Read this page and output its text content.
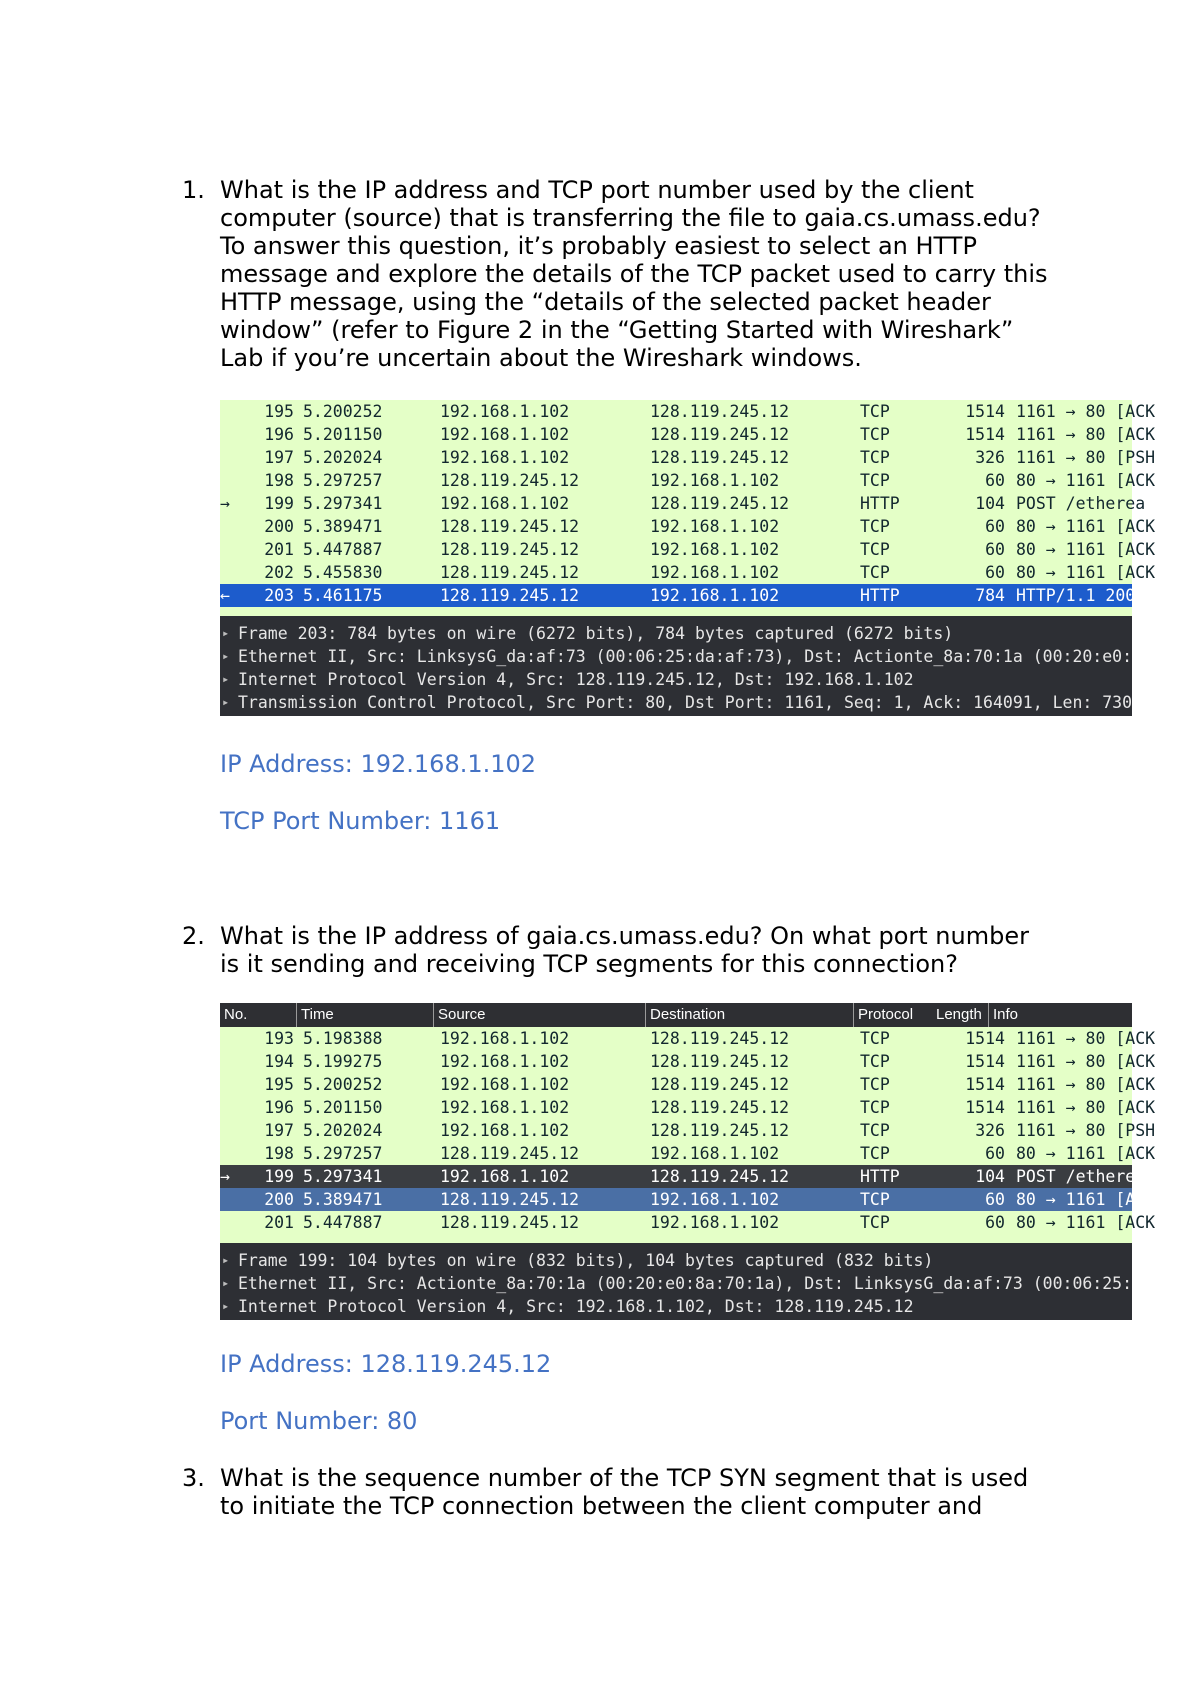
1. What is the IP address and TCP port number used by the client
computer (source) that is transferring the file to gaia.cs.umass.edu?
To answer this question, it’s probably easiest to select an HTTP
message and explore the details of the TCP packet used to carry this
HTTP message, using the “details of the selected packet header
window” (refer to Figure 2 in the “Getting Started with Wireshark”
Lab if you’re uncertain about the Wireshark windows.
195 5.200252	192.168.1.102	128.119.245.12	TCP	1514 1161 → 80 [ACK
196 5.201150	192.168.1.102	128.119.245.12	TCP	1514 1161 → 80 [ACK
197 5.202024	192.168.1.102	128.119.245.12	TCP	326 1161 → 80 [PSH
198 5.297257	128.119.245.12	192.168.1.102	TCP	60 80 → 1161 [ACK
→	199 5.297341	192.168.1.102	128.119.245.12	HTTP	104 POST /etherea
200 5.389471	128.119.245.12	192.168.1.102	TCP	60 80 → 1161 [ACK
201 5.447887	128.119.245.12	192.168.1.102	TCP	60 80 → 1161 [ACK
202 5.455830	128.119.245.12	192.168.1.102	TCP	60 80 → 1161 [ACK
←	203 5.461175	128.119.245.12	192.168.1.102	HTTP	784 HTTP/1.1 200 O
▸ Frame 203: 784 bytes on wire (6272 bits), 784 bytes captured (6272 bits)
▸ Ethernet II, Src: LinksysG_da:af:73 (00:06:25:da:af:73), Dst: Actionte_8a:70:1a (00:20:e0:
▸ Internet Protocol Version 4, Src: 128.119.245.12, Dst: 192.168.1.102
▸ Transmission Control Protocol, Src Port: 80, Dst Port: 1161, Seq: 1, Ack: 164091, Len: 730
IP Address: 192.168.1.102
TCP Port Number: 1161
2. What is the IP address of gaia.cs.umass.edu? On what port number
is it sending and receiving TCP segments for this connection?
No.	Time	Source	Destination	Protocol Length Info
193 5.198388	192.168.1.102	128.119.245.12	TCP	1514 1161 → 80 [ACK
194 5.199275	192.168.1.102	128.119.245.12	TCP	1514 1161 → 80 [ACK
195 5.200252	192.168.1.102	128.119.245.12	TCP	1514 1161 → 80 [ACK
196 5.201150	192.168.1.102	128.119.245.12	TCP	1514 1161 → 80 [ACK
197 5.202024	192.168.1.102	128.119.245.12	TCP	326 1161 → 80 [PSH
198 5.297257	128.119.245.12	192.168.1.102	TCP	60 80 → 1161 [ACK
→	199 5.297341	192.168.1.102	128.119.245.12	HTTP	104 POST /etherea
200 5.389471	128.119.245.12	192.168.1.102	TCP	60 80 → 1161 [ACK
201 5.447887	128.119.245.12	192.168.1.102	TCP	60 80 → 1161 [ACK
▸ Frame 199: 104 bytes on wire (832 bits), 104 bytes captured (832 bits)
▸ Ethernet II, Src: Actionte_8a:70:1a (00:20:e0:8a:70:1a), Dst: LinksysG_da:af:73 (00:06:25:
▸ Internet Protocol Version 4, Src: 192.168.1.102, Dst: 128.119.245.12
IP Address: 128.119.245.12
Port Number: 80
3. What is the sequence number of the TCP SYN segment that is used
to initiate the TCP connection between the client computer and
